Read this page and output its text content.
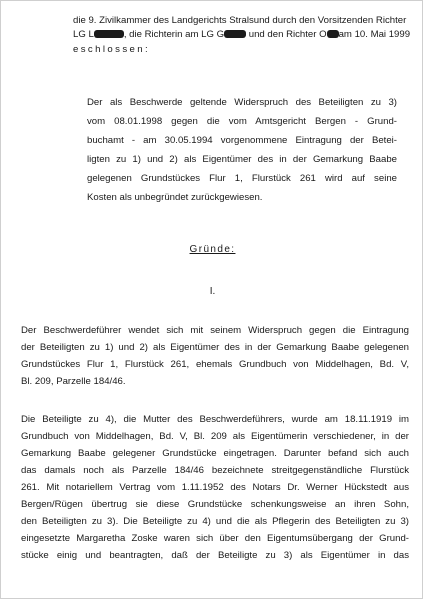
die 9. Zivilkammer des Landgerichts Stralsund durch den Vorsitzenden Richter
LG L	, die Richterin am LG G und den Richter O am 10. Mai 1999
eschlossen:
Der als Beschwerde geltende Widerspruch des Beteiligten zu 3)
vom 08.01.1998 gegen die vom Amtsgericht Bergen - Grund-
buchamt - am 30.05.1994 vorgenommene Eintragung der Betei-
ligten zu 1) und 2) als Eigentümer des in der Gemarkung Baabe
gelegenen Grundstückes Flur 1, Flurstück 261 wird auf seine
Kosten als unbegründet zurückgewiesen.
Gründe:
I.
Der Beschwerdeführer wendet sich mit seinem Widerspruch gegen die Eintragung
der Beteiligten zu 1) und 2) als Eigentümer des in der Gemarkung Baabe gelegenen
Grundstückes Flur 1, Flurstück 261, ehemals Grundbuch von Middelhagen, Bd. V,
Bl. 209, Parzelle 184/46.
Die Beteiligte zu 4), die Mutter des Beschwerdeführers, wurde am 18.11.1919 im
Grundbuch von Middelhagen, Bd. V, Bl. 209 als Eigentümerin verschiedener, in der
Gemarkung Baabe gelegener Grundstücke eingetragen. Darunter befand sich auch
das damals noch als Parzelle 184/46 bezeichnete streitgegenständliche Flurstück
261. Mit notariellem Vertrag vom 1.11.1952 des Notars Dr. Werner Hückstedt aus
Bergen/Rügen übertrug sie diese Grundstücke schenkungsweise an ihren Sohn,
den Beteiligten zu 3). Die Beteiligte zu 4) und die als Pflegerin des Beteiligten zu 3)
eingesetzte Margaretha Zoske waren sich über den Eigentumsübergang der Grund-
stücke einig und beantragten, daß der Beteiligte zu 3) als Eigentümer in das
